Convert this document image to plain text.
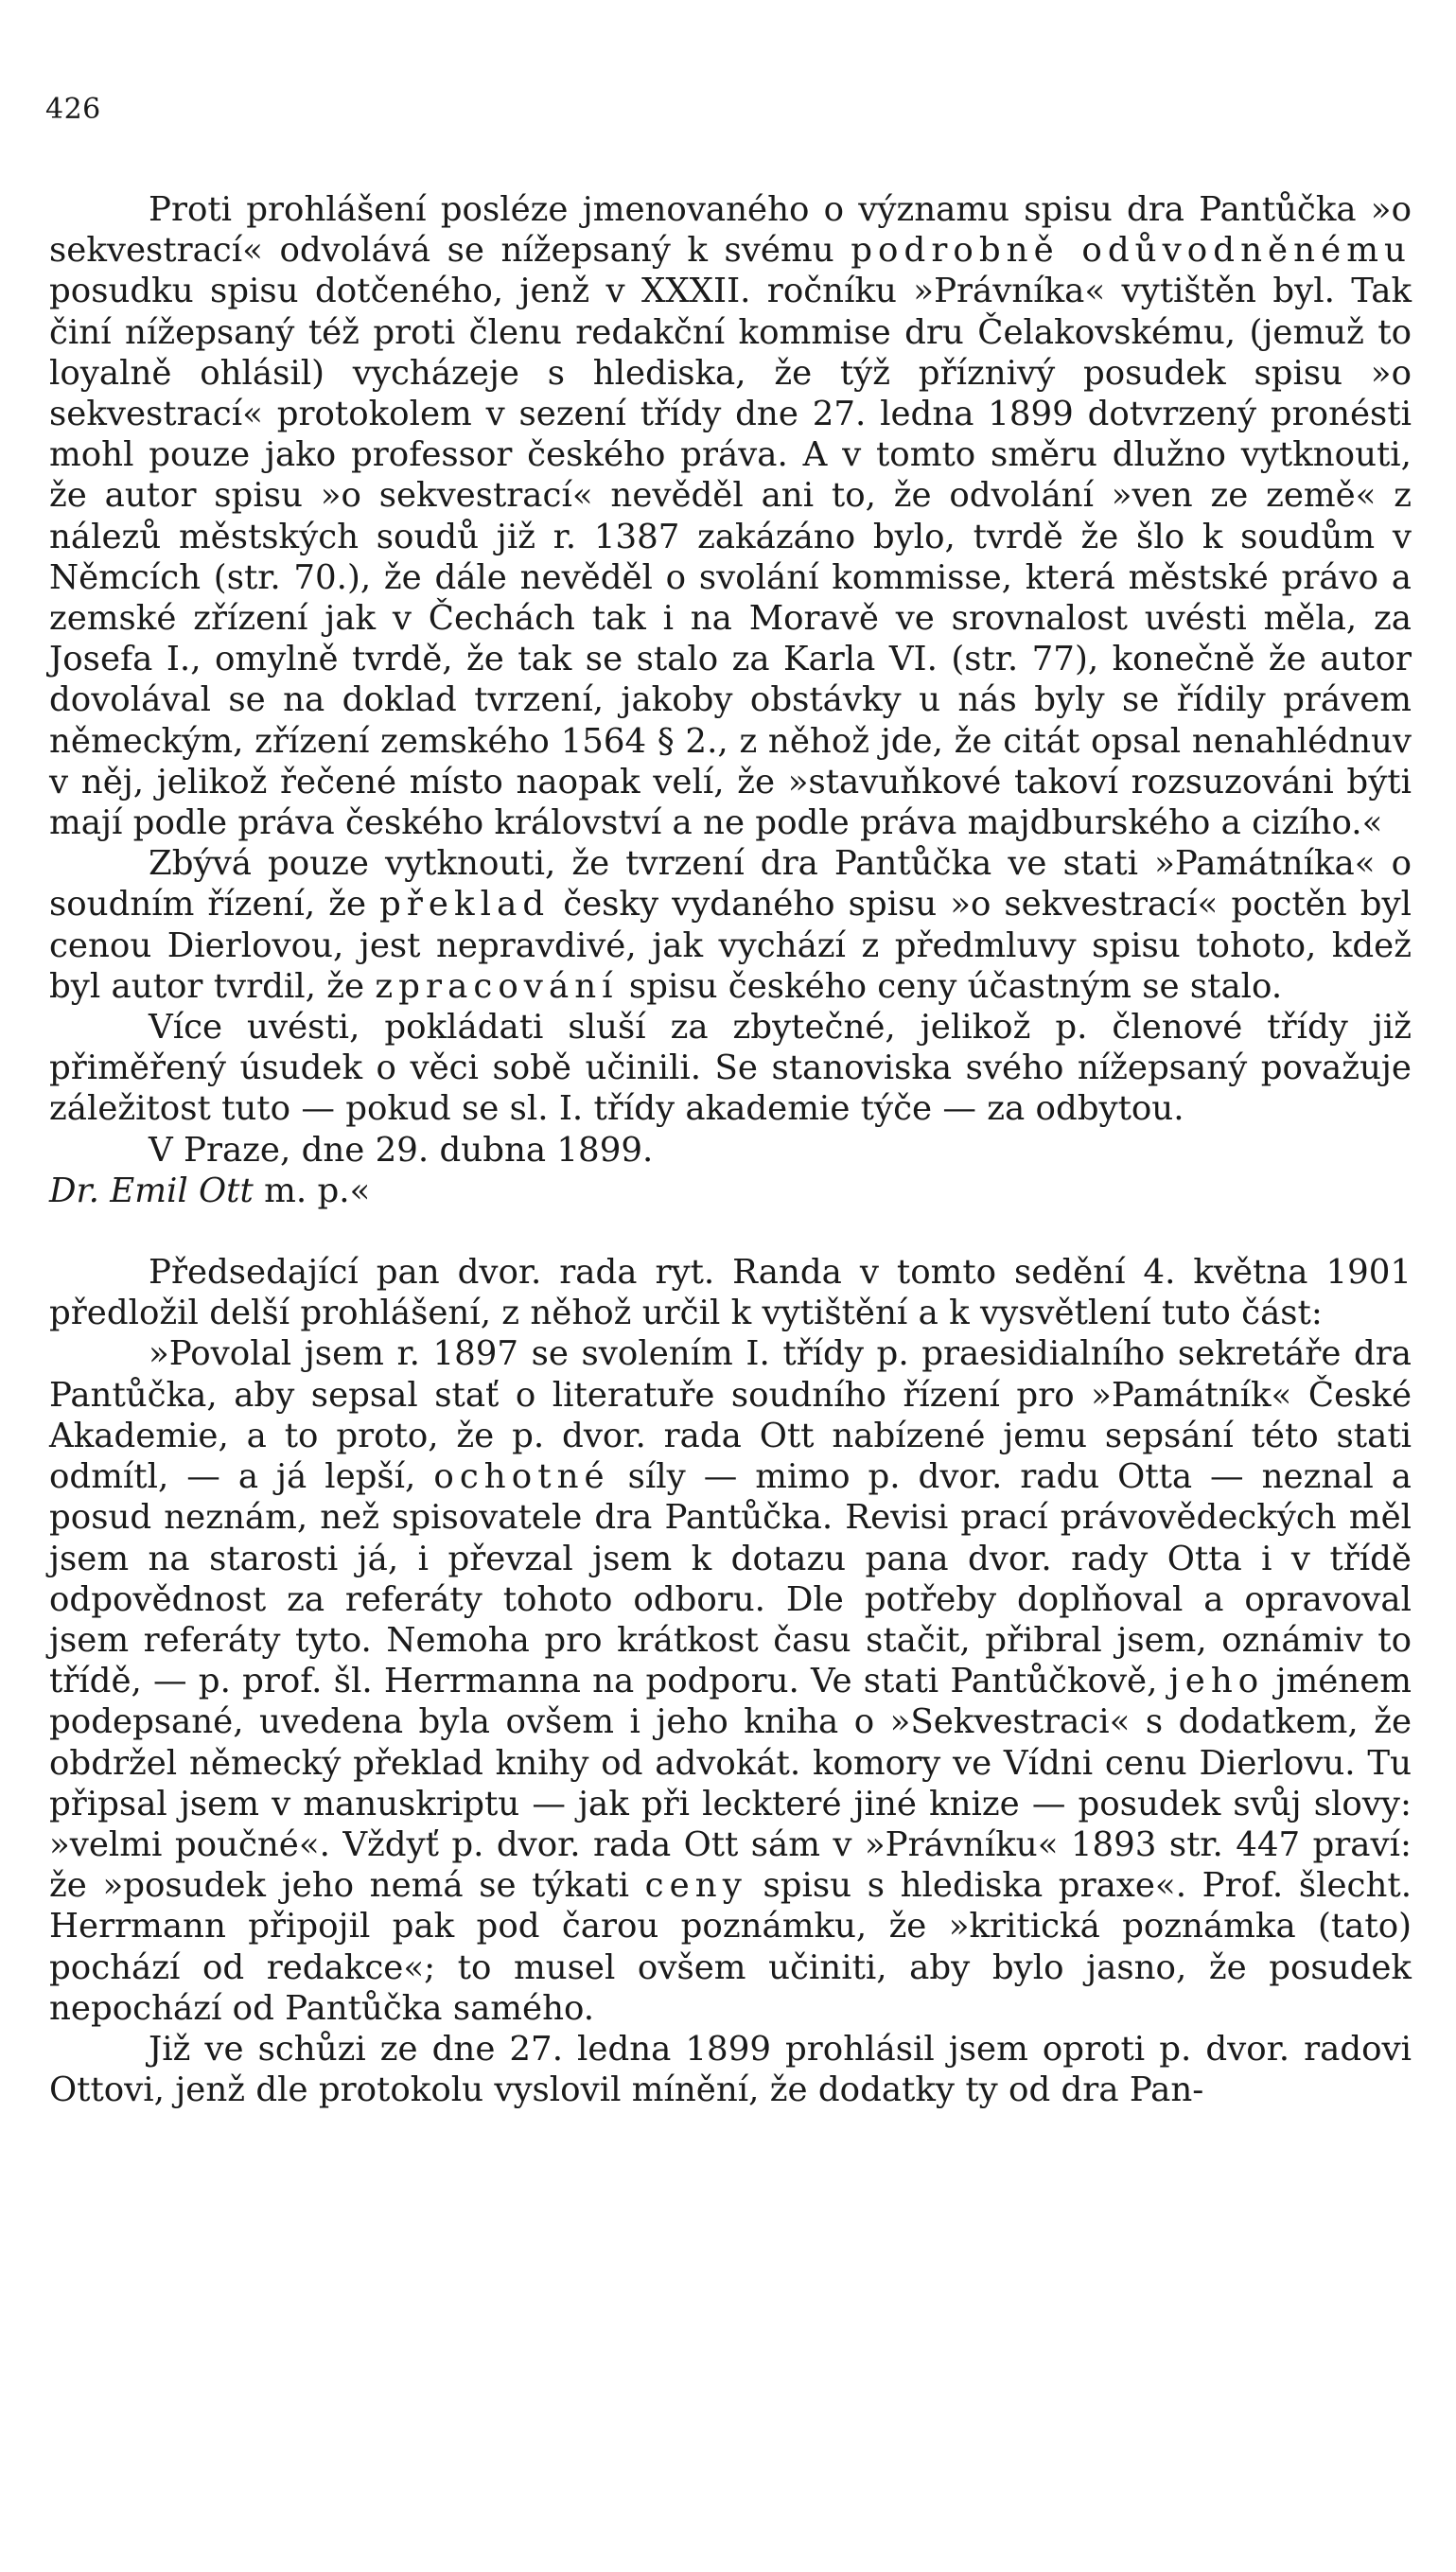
426

Proti prohlášení posléze jmenovaného o významu spisu dra Pantůčka »o sekvestrací« odvolává se nížepsaný k svému podrobně odůvodněnému posudku spisu dotčeného, jenž v XXXII. ročníku »Právníka« vytištěn byl. Tak činí nížepsaný též proti členu redakční kommise dru Čelakovskému, (jemuž to loyalně ohlásil) vycházeje s hlediska, že týž příznivý posudek spisu »o sekvestrací« protokolem v sezení třídy dne 27. ledna 1899 dotvrzený pronésti mohl pouze jako professor českého práva. A v tomto směru dlužno vytknouti, že autor spisu »o sekvestrací« nevěděl ani to, že odvolání »ven ze země« z nálezů městských soudů již r. 1387 zakázáno bylo, tvrdě že šlo k soudům v Němcích (str. 70.), že dále nevěděl o svolání kommisse, která městské právo a zemské zřízení jak v Čechách tak i na Moravě ve srovnalost uvésti měla, za Josefa I., omylně tvrdě, že tak se stalo za Karla VI. (str. 77), konečně že autor dovolával se na doklad tvrzení, jakoby obstávky u nás byly se řídily právem německým, zřízení zemského 1564 § 2., z něhož jde, že citát opsal nenahlédnuv v něj, jelikož řečené místo naopak velí, že »stavuňkové takoví rozsuzováni býti mají podle práva českého království a ne podle práva majdburského a cizího.«

Zbývá pouze vytknouti, že tvrzení dra Pantůčka ve stati »Památníka« o soudním řízení, že překlad česky vydaného spisu »o sekvestrací« poctěn byl cenou Dierlovou, jest nepravdivé, jak vychází z předmluvy spisu tohoto, kdež byl autor tvrdil, že zpracování spisu českého ceny účastným se stalo.

Více uvésti, pokládati sluší za zbytečné, jelikož p. členové třídy již přiměřený úsudek o věci sobě učinili. Se stanoviska svého nížepsaný považuje záležitost tuto — pokud se sl. I. třídy akademie týče — za odbytou.

V Praze, dne 29. dubna 1899.

Dr. Emil Ott m. p.«

Předsedající pan dvor. rada ryt. Randa v tomto sedění 4. května 1901 předložil delší prohlášení, z něhož určil k vytištění a k vysvětlení tuto část:

»Povolal jsem r. 1897 se svolením I. třídy p. praesidialního sekretáře dra Pantůčka, aby sepsal stať o literatuře soudního řízení pro »Památník« České Akademie, a to proto, že p. dvor. rada Ott nabízené jemu sepsání této stati odmítl, — a já lepší, ochotné síly — mimo p. dvor. radu Otta — neznal a posud neznám, než spisovatele dra Pantůčka. Revisi prací právovědeckých měl jsem na starosti já, i převzal jsem k dotazu pana dvor. rady Otta i v třídě odpovědnost za referáty tohoto odboru. Dle potřeby doplňoval a opravoval jsem referáty tyto. Nemoha pro krátkost času stačit, přibral jsem, oznámiv to třídě, — p. prof. šl. Herrmanna na podporu. Ve stati Pantůčkově, jeho jménem podepsané, uvedena byla ovšem i jeho kniha o »Sekvestraci« s dodatkem, že obdržel německý překlad knihy od advokát. komory ve Vídni cenu Dierlovu. Tu připsal jsem v manuskriptu — jak při leckteré jiné knize — posudek svůj slovy: »velmi poučné«. Vždyť p. dvor. rada Ott sám v »Právníku« 1893 str. 447 praví: že »posudek jeho nemá se týkati ceny spisu s hlediska praxe«. Prof. šlecht. Herrmann připojil pak pod čarou poznámku, že »kritická poznámka (tato) pochází od redakce«; to musel ovšem učiniti, aby bylo jasno, že posudek nepochází od Pantůčka samého.

Již ve schůzi ze dne 27. ledna 1899 prohlásil jsem oproti p. dvor. radovi Ottovi, jenž dle protokolu vyslovil mínění, že dodatky ty od dra Pan-
